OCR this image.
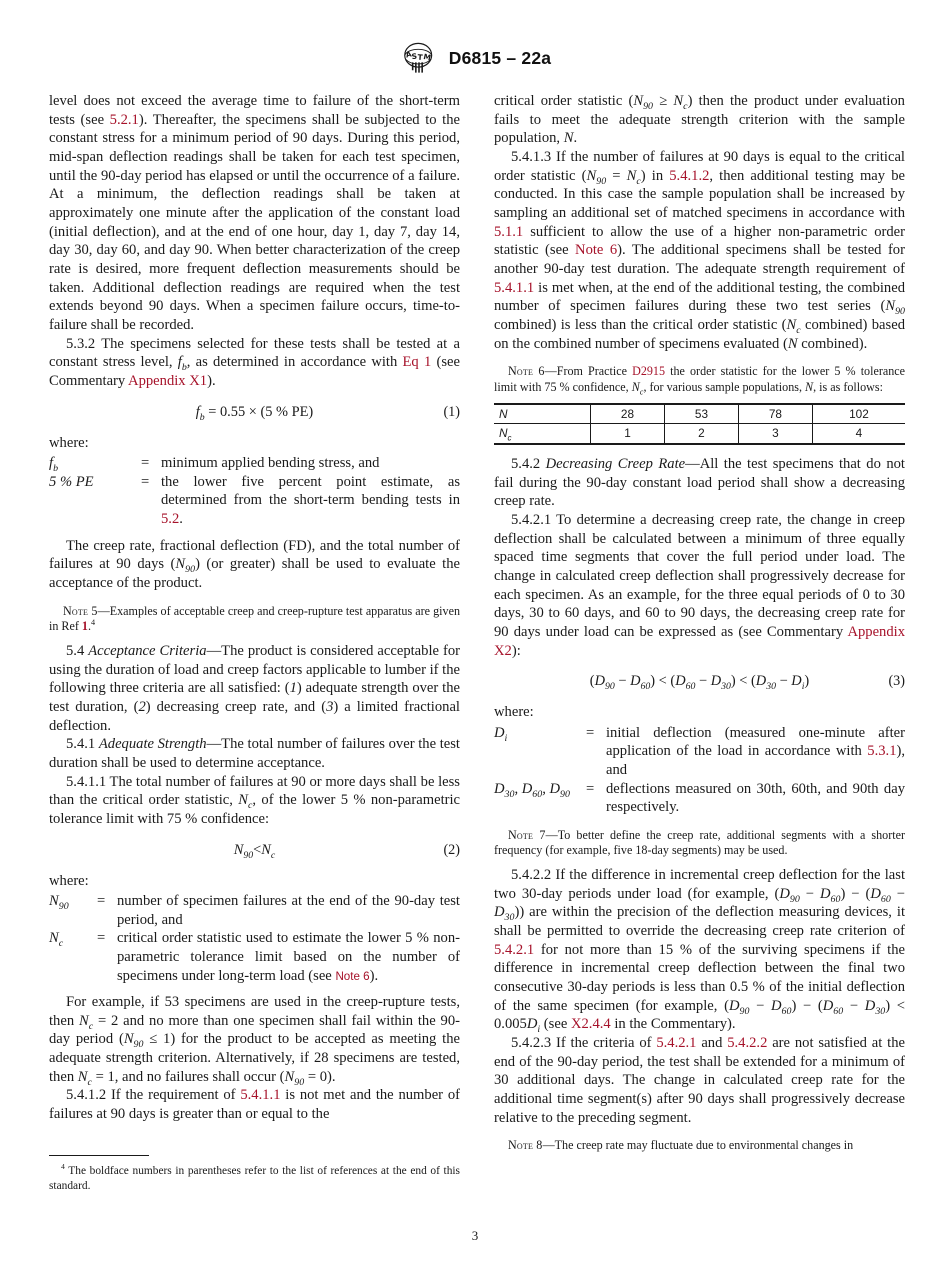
A
S T M D6815 – 22a

level does not exceed the average time to failure of the short-term tests (see 5.2.1). Thereafter, the specimens shall be subjected to the constant stress for a minimum period of 90 days. During this period, mid-span deflection readings shall be taken for each test specimen, until the 90-day period has elapsed or until the occurrence of a failure. At a minimum, the deflection readings shall be taken at approximately one minute after the application of the constant load (initial deflection), and at the end of one hour, day 1, day 7, day 14, day 30, day 60, and day 90. When better characterization of the creep rate is desired, more frequent deflection measurements should be taken. Additional deflection readings are required when the test extends beyond 90 days. When a specimen failure occurs, time-to-failure shall be recorded.

5.3.2 The specimens selected for these tests shall be tested at a constant stress level, $f_b$, as determined in accordance with Eq 1 (see Commentary Appendix X1).

$f_b = 0.55 \times (5$ % PE)	(1)

where:

$f_b$	=	minimum applied bending stress, and
5 % PE	=	the lower five percent point estimate, as determined from the short-term bending tests in 5.2.

The creep rate, fractional deflection (FD), and the total number of failures at 90 days $(N_{90})$ (or greater) shall be used to evaluate the acceptance of the product.

Note 5—Examples of acceptable creep and creep-rupture test apparatus are given in Ref 1.$^4$

5.4 Acceptance Criteria—The product is considered acceptable for using the duration of load and creep factors applicable to lumber if the following three criteria are all satisfied: (1) adequate strength over the test duration, (2) decreasing creep rate, and (3) a limited fractional deflection.

5.4.1 Adequate Strength—The total number of failures over the test duration shall be used to determine acceptance.

5.4.1.1 The total number of failures at 90 or more days shall be less than the critical order statistic, $N_c$, of the lower 5 % non-parametric tolerance limit with 75 % confidence:

$N_{90}<N_c$	(2)

where:

$N_{90}$	=	number of specimen failures at the end of the 90-day test period, and
$N_c$	=	critical order statistic used to estimate the lower 5 % non-parametric tolerance limit based on the number of specimens under long-term load (see Note 6).

For example, if 53 specimens are used in the creep-rupture tests, then $N_c = 2$ and no more than one specimen shall fail within the 90-day period $(N_{90} \le 1)$ for the product to be accepted as meeting the adequate strength criterion. Alternatively, if 28 specimens are tested, then $N_c = 1$, and no failures shall occur $(N_{90} = 0)$.

5.4.1.2 If the requirement of 5.4.1.1 is not met and the number of failures at 90 days is greater than or equal to the

critical order statistic $(N_{90} \ge N_c)$ then the product under evaluation fails to meet the adequate strength criterion with the sample population, N.

5.4.1.3 If the number of failures at 90 days is equal to the critical order statistic $(N_{90} = N_c)$ in 5.4.1.2, then additional testing may be conducted. In this case the sample population shall be increased by sampling an additional set of matched specimens in accordance with 5.1.1 sufficient to allow the use of a higher non-parametric order statistic (see Note 6). The additional specimens shall be tested for another 90-day test duration. The adequate strength requirement of 5.4.1.1 is met when, at the end of the additional testing, the combined number of specimen failures during these two test series ($N_{90}$ combined) is less than the critical order statistic ($N_c$ combined) based on the combined number of specimens evaluated (N combined).

Note 6—From Practice D2915 the order statistic for the lower 5 % tolerance limit with 75 % confidence, $N_c$, for various sample populations, N, is as follows:

N	28	53	78	102
$N_c$	1	2	3	4

5.4.2 Decreasing Creep Rate—All the test specimens that do not fail during the 90-day constant load period shall show a decreasing creep rate.

5.4.2.1 To determine a decreasing creep rate, the change in creep deflection shall be calculated between a minimum of three equally spaced time segments that cover the full period under load. The change in calculated creep deflection shall progressively decrease for each specimen. As an example, for the three equal periods of 0 to 30 days, 30 to 60 days, and 60 to 90 days, the decreasing creep rate for 90 days under load can be expressed as (see Commentary Appendix X2):

$(D_{90} - D_{60}) < (D_{60} - D_{30}) < (D_{30} - D_i)$	(3)

where:

$D_i$	=	initial deflection (measured one-minute after application of the load in accordance with 5.3.1), and
$D_{30}$, $D_{60}$, $D_{90}$	=	deflections measured on 30th, 60th, and 90th day respectively.

Note 7—To better define the creep rate, additional segments with a shorter frequency (for example, five 18-day segments) may be used.

5.4.2.2 If the difference in incremental creep deflection for the last two 30-day periods under load (for example, $(D_{90} - D_{60}) - (D_{60} - D_{30})$) are within the precision of the deflection measuring devices, it shall be permitted to override the decreasing creep rate criterion of 5.4.2.1 for not more than 15 % of the surviving specimens if the difference in incremental creep deflection between the final two consecutive 30-day periods is less than 0.5 % of the initial deflection of the same specimen (for example, $(D_{90} - D_{60}) - (D_{60} - D_{30}) < 0.005D_i$ (see X2.4.4 in the Commentary).

5.4.2.3 If the criteria of 5.4.2.1 and 5.4.2.2 are not satisfied at the end of the 90-day period, the test shall be extended for a minimum of 30 additional days. The change in calculated creep rate for the additional time segment(s) after 90 days shall progressively decrease relative to the preceding segment.

Note 8—The creep rate may fluctuate due to environmental changes in

$^4$ The boldface numbers in parentheses refer to the list of references at the end of this standard.

3
